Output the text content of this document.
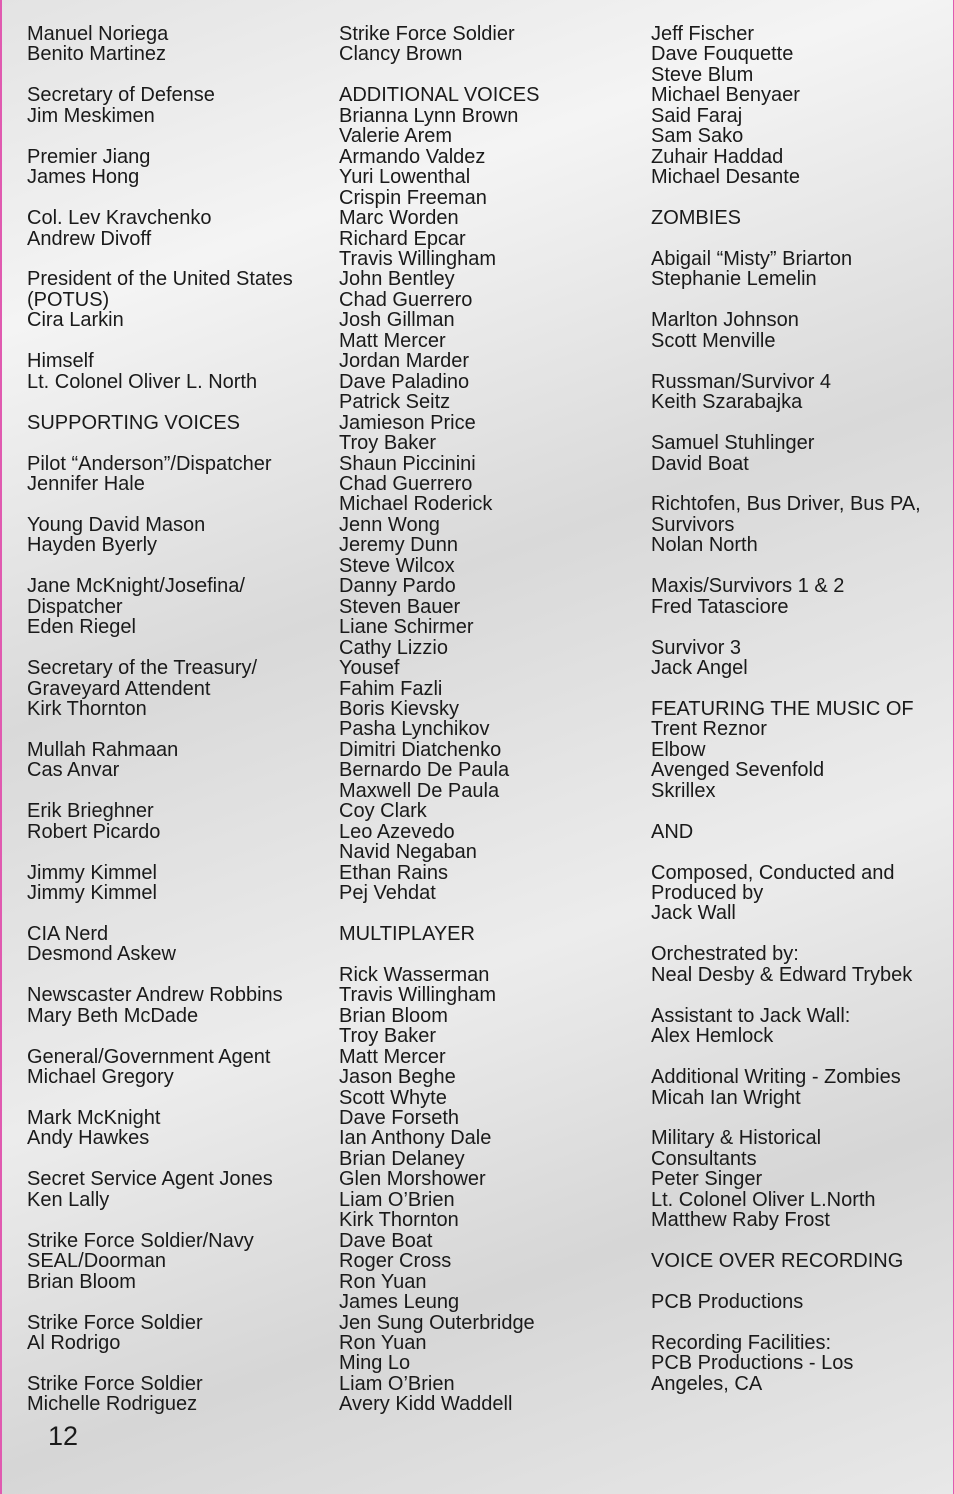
Manuel Noriega
Benito Martinez

Secretary of Defense
Jim Meskimen

Premier Jiang
James Hong

Col. Lev Kravchenko
Andrew Divoff

President of the United States
(POTUS)
Cira Larkin

Himself
Lt. Colonel Oliver L. North

SUPPORTING VOICES

Pilot “Anderson”/Dispatcher
Jennifer Hale

Young David Mason
Hayden Byerly

Jane McKnight/Josefina/
Dispatcher
Eden Riegel

Secretary of the Treasury/
Graveyard Attendent
Kirk Thornton

Mullah Rahmaan
Cas Anvar

Erik Brieghner
Robert Picardo

Jimmy Kimmel
Jimmy Kimmel

CIA Nerd
Desmond Askew

Newscaster Andrew Robbins
Mary Beth McDade

General/Government Agent
Michael Gregory

Mark McKnight
Andy Hawkes

Secret Service Agent Jones
Ken Lally

Strike Force Soldier/Navy
SEAL/Doorman
Brian Bloom

Strike Force Soldier
Al Rodrigo

Strike Force Soldier
Michelle Rodriguez
Strike Force Soldier
Clancy Brown

ADDITIONAL VOICES
Brianna Lynn Brown
Valerie Arem
Armando Valdez
Yuri Lowenthal
Crispin Freeman
Marc Worden
Richard Epcar
Travis Willingham
John Bentley
Chad Guerrero
Josh Gillman
Matt Mercer
Jordan Marder
Dave Paladino
Patrick Seitz
Jamieson Price
Troy Baker
Shaun Piccinini
Chad Guerrero
Michael Roderick
Jenn Wong
Jeremy Dunn
Steve Wilcox
Danny Pardo
Steven Bauer
Liane Schirmer
Cathy Lizzio
Yousef
Fahim Fazli
Boris Kievsky
Pasha Lynchikov
Dimitri Diatchenko
Bernardo De Paula
Maxwell De Paula
Coy Clark
Leo Azevedo
Navid Negaban
Ethan Rains
Pej Vehdat

MULTIPLAYER

Rick Wasserman
Travis Willingham
Brian Bloom
Troy Baker
Matt Mercer
Jason Beghe
Scott Whyte
Dave Forseth
Ian Anthony Dale
Brian Delaney
Glen Morshower
Liam O’Brien
Kirk Thornton
Dave Boat
Roger Cross
Ron Yuan
James Leung
Jen Sung Outerbridge
Ron Yuan
Ming Lo
Liam O’Brien
Avery Kidd Waddell
Jeff Fischer
Dave Fouquette
Steve Blum
Michael Benyaer
Said Faraj
Sam Sako
Zuhair Haddad
Michael Desante

ZOMBIES

Abigail “Misty” Briarton
Stephanie Lemelin

Marlton Johnson
Scott Menville

Russman/Survivor 4
Keith Szarabajka

Samuel Stuhlinger
David Boat

Richtofen, Bus Driver, Bus PA,
Survivors
Nolan North

Maxis/Survivors 1 & 2
Fred Tatasciore

Survivor 3
Jack Angel

FEATURING THE MUSIC OF
Trent Reznor
Elbow
Avenged Sevenfold
Skrillex

AND

Composed, Conducted and
Produced by
Jack Wall

Orchestrated by:
Neal Desby & Edward Trybek

Assistant to Jack Wall:
Alex Hemlock

Additional Writing - Zombies
Micah Ian Wright

Military & Historical
Consultants
Peter Singer
Lt. Colonel Oliver L.North
Matthew Raby Frost

VOICE OVER RECORDING

PCB Productions

Recording Facilities:
PCB Productions - Los
Angeles, CA
12
